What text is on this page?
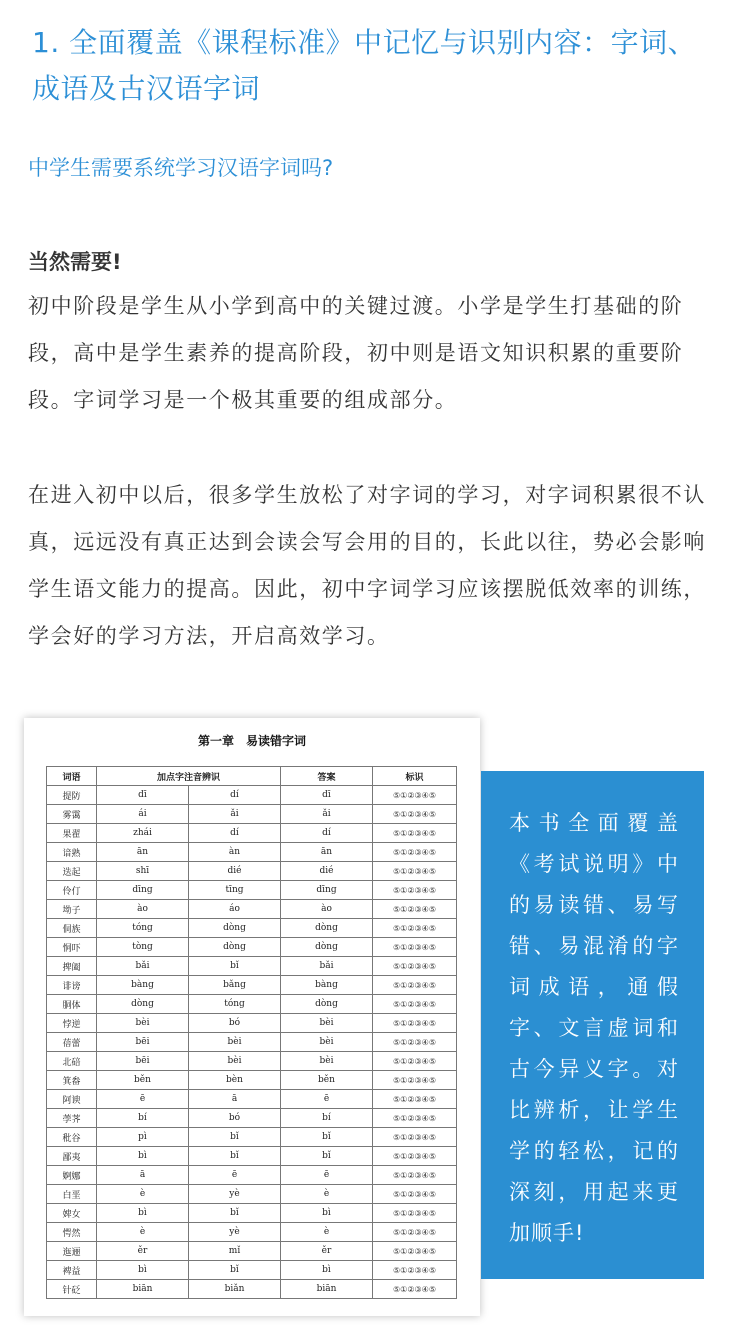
1. 全面覆盖《课程标准》中记忆与识别内容：字词、成语及古汉语字词
中学生需要系统学习汉语字词吗?
当然需要!
初中阶段是学生从小学到高中的关键过渡。小学是学生打基础的阶段，高中是学生素养的提高阶段，初中则是语文知识积累的重要阶段。字词学习是一个极其重要的组成部分。
在进入初中以后，很多学生放松了对字词的学习，对字词积累很不认真，远远没有真正达到会读会写会用的目的，长此以往，势必会影响学生语文能力的提高。因此，初中字词学习应该摆脱低效率的训练，学会好的学习方法，开启高效学习。
第一章　易读错字词
词语	加点字注音辨识		答案	标识
提防	dī	dí	dī	⑤①②③④⑤
雾霭	ái	ǎi	ǎi	⑤①②③④⑤
果翟	zhái	dí	dí	⑤①②③④⑤
谙熟	ān	àn	ān	⑤①②③④⑤
迭起	shī	dié	dié	⑤①②③④⑤
伶仃	dīng	tīng	dīng	⑤①②③④⑤
坳子	ào	áo	ào	⑤①②③④⑤
侗族	tóng	dòng	dòng	⑤①②③④⑤
恫吓	tòng	dòng	dòng	⑤①②③④⑤
捭阖	bǎi	bǐ	bǎi	⑤①②③④⑤
诽谤	bàng	bǎng	bàng	⑤①②③④⑤
胴体	dòng	tóng	dòng	⑤①②③④⑤
悖逆	bèi	bó	bèi	⑤①②③④⑤
蓓蕾	bēi	bèi	bèi	⑤①②③④⑤
北碚	bēi	bèi	bèi	⑤①②③④⑤
箕畚	běn	bèn	běn	⑤①②③④⑤
阿谀	ē	ā	ē	⑤①②③④⑤
荸荠	bí	bó	bí	⑤①②③④⑤
秕谷	pì	bǐ	bǐ	⑤①②③④⑤
鄙夷	bì	bǐ	bǐ	⑤①②③④⑤
婀娜	ā	ē	ē	⑤①②③④⑤
白垩	è	yè	è	⑤①②③④⑤
婢女	bì	bǐ	bì	⑤①②③④⑤
愕然	è	yè	è	⑤①②③④⑤
迤逦	ěr	mǐ	ěr	⑤①②③④⑤
裨益	bì	bǐ	bì	⑤①②③④⑤
针砭	biān	biǎn	biān	⑤①②③④⑤
本书全面覆盖《考试说明》中的易读错、易写错、易混淆的字词成语，通假字、文言虚词和古今异义字。对比辨析，让学生学的轻松，记的深刻，用起来更加顺手!
